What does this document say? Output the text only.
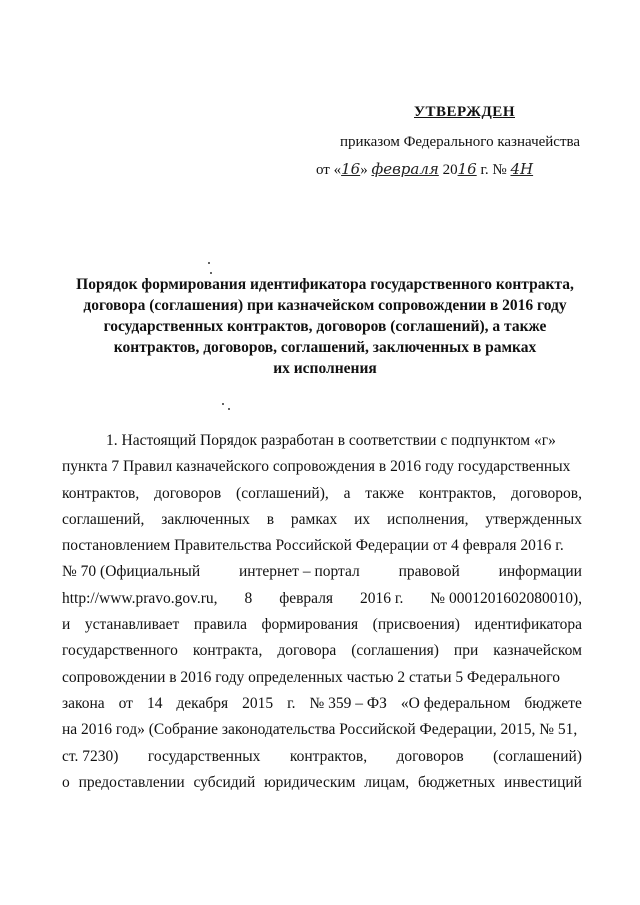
УТВЕРЖДЕН
приказом Федерального казначейства
от «16» февраля 2016 г. № 4Н
Порядок формирования идентификатора государственного контракта,
договора (соглашения) при казначейском сопровождении в 2016 году
государственных контрактов, договоров (соглашений), а также
контрактов, договоров, соглашений, заключенных в рамках
их исполнения
1. Настоящий Порядок разработан в соответствии с подпунктом «г»
пункта 7 Правил казначейского сопровождения в 2016 году государственных
контрактов, договоров (соглашений), а также контрактов, договоров,
соглашений, заключенных в рамках их исполнения, утвержденных
постановлением Правительства Российской Федерации от 4 февраля 2016 г.
№ 70 (Официальный	интернет – портал	правовой	информации
http://www.pravo.gov.ru, 8 февраля 2016 г. № 0001201602080010),
и устанавливает правила формирования (присвоения) идентификатора
государственного контракта, договора (соглашения) при казначейском
сопровождении в 2016 году определенных частью 2 статьи 5 Федерального
закона от 14 декабря 2015 г. № 359 – ФЗ «О федеральном бюджете
на 2016 год» (Собрание законодательства Российской Федерации, 2015, № 51,
ст. 7230) государственных контрактов, договоров (соглашений)
о предоставлении субсидий юридическим лицам, бюджетных инвестиций
